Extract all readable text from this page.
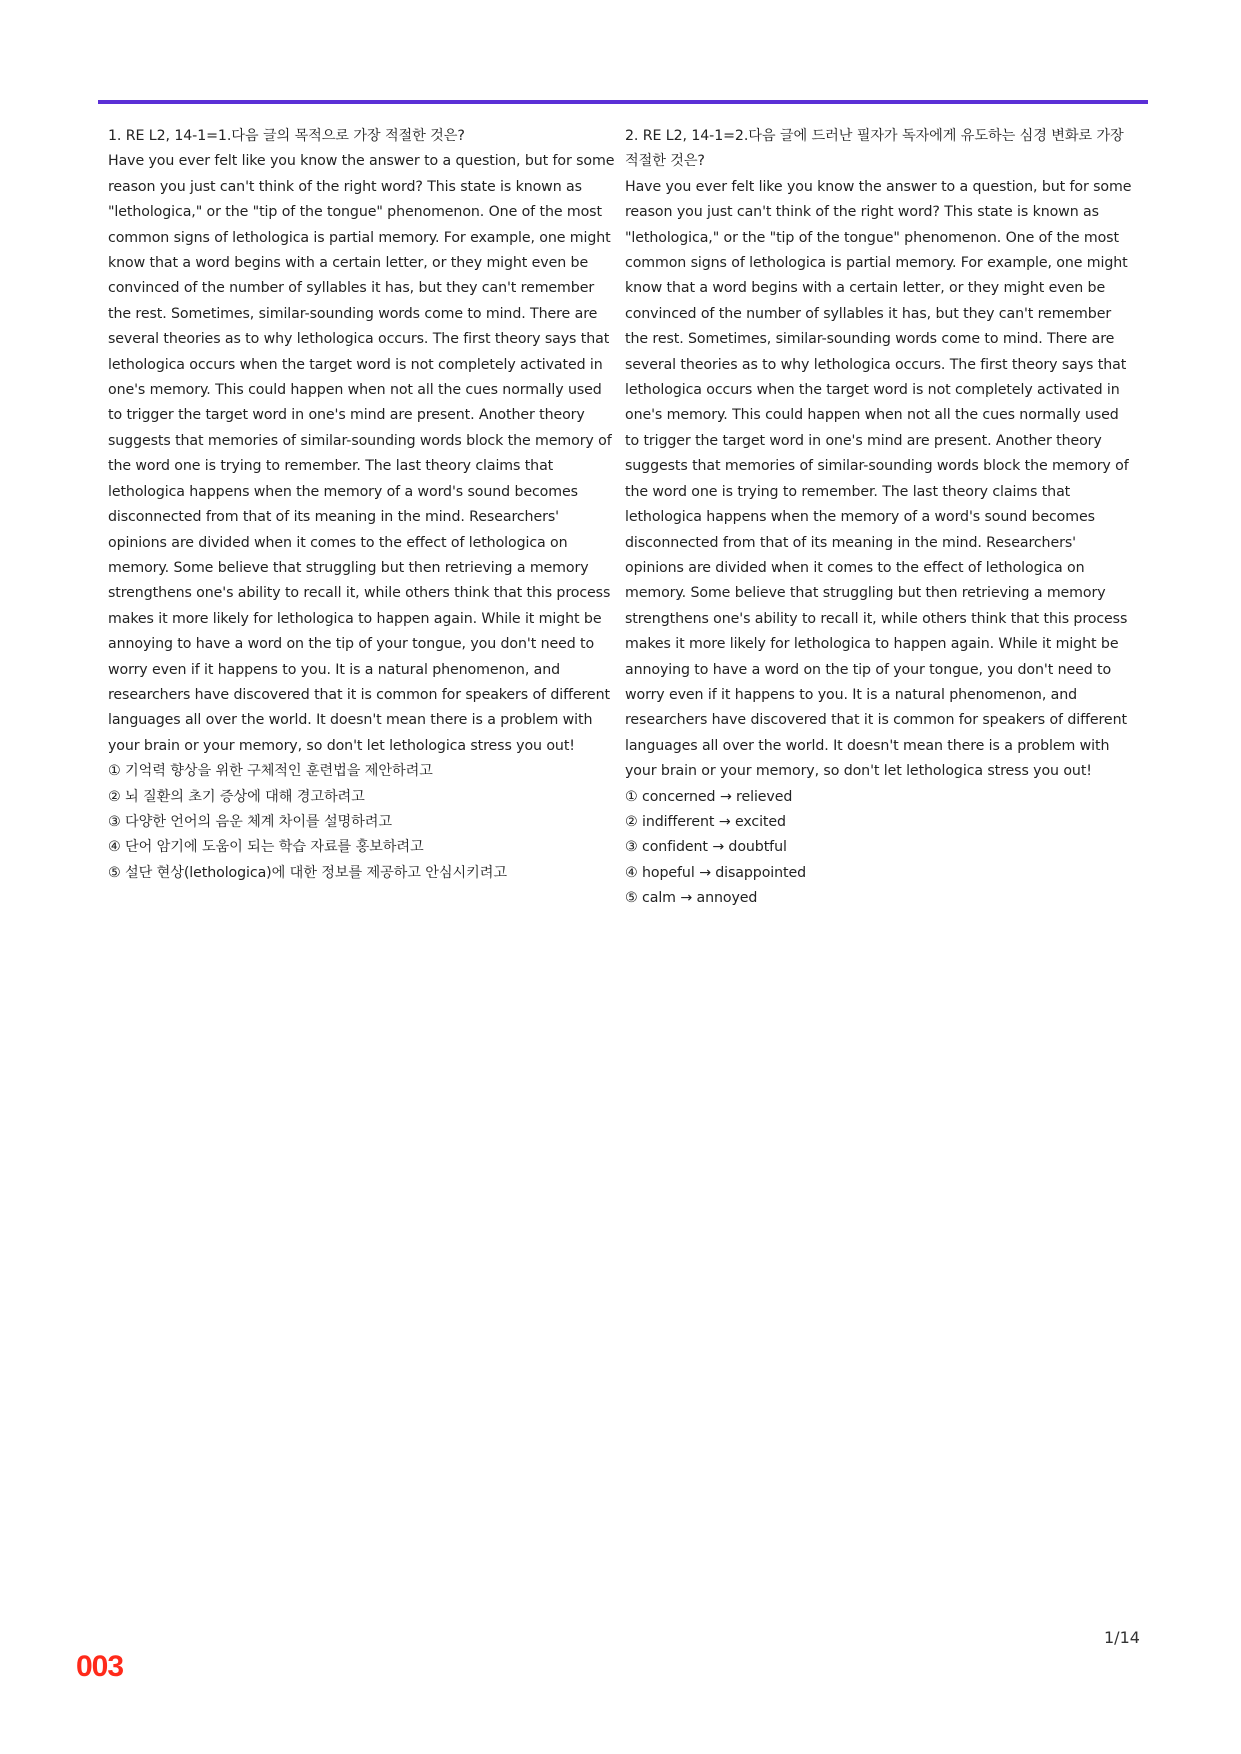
1. RE L2, 14-1=1.다음 글의 목적으로 가장 적절한 것은?

Have you ever felt like you know the answer to a question, but for some reason you just can't think of the right word? This state is known as "lethologica," or the "tip of the tongue" phenomenon. One of the most common signs of lethologica is partial memory. For example, one might know that a word begins with a certain letter, or they might even be convinced of the number of syllables it has, but they can't remember the rest. Sometimes, similar-sounding words come to mind. There are several theories as to why lethologica occurs. The first theory says that lethologica occurs when the target word is not completely activated in one's memory. This could happen when not all the cues normally used to trigger the target word in one's mind are present. Another theory suggests that memories of similar-sounding words block the memory of the word one is trying to remember. The last theory claims that lethologica happens when the memory of a word's sound becomes disconnected from that of its meaning in the mind. Researchers' opinions are divided when it comes to the effect of lethologica on memory. Some believe that struggling but then retrieving a memory strengthens one's ability to recall it, while others think that this process makes it more likely for lethologica to happen again. While it might be annoying to have a word on the tip of your tongue, you don't need to worry even if it happens to you. It is a natural phenomenon, and researchers have discovered that it is common for speakers of different languages all over the world. It doesn't mean there is a problem with your brain or your memory, so don't let lethologica stress you out!

① 기억력 향상을 위한 구체적인 훈련법을 제안하려고

② 뇌 질환의 초기 증상에 대해 경고하려고

③ 다양한 언어의 음운 체계 차이를 설명하려고

④ 단어 암기에 도움이 되는 학습 자료를 홍보하려고

⑤ 설단 현상(lethologica)에 대한 정보를 제공하고 안심시키려고

2. RE L2, 14-1=2.다음 글에 드러난 필자가 독자에게 유도하는 심경 변화로 가장 적절한 것은?

Have you ever felt like you know the answer to a question, but for some reason you just can't think of the right word? This state is known as "lethologica," or the "tip of the tongue" phenomenon. One of the most common signs of lethologica is partial memory. For example, one might know that a word begins with a certain letter, or they might even be convinced of the number of syllables it has, but they can't remember the rest. Sometimes, similar-sounding words come to mind. There are several theories as to why lethologica occurs. The first theory says that lethologica occurs when the target word is not completely activated in one's memory. This could happen when not all the cues normally used to trigger the target word in one's mind are present. Another theory suggests that memories of similar-sounding words block the memory of the word one is trying to remember. The last theory claims that lethologica happens when the memory of a word's sound becomes disconnected from that of its meaning in the mind. Researchers' opinions are divided when it comes to the effect of lethologica on memory. Some believe that struggling but then retrieving a memory strengthens one's ability to recall it, while others think that this process makes it more likely for lethologica to happen again. While it might be annoying to have a word on the tip of your tongue, you don't need to worry even if it happens to you. It is a natural phenomenon, and researchers have discovered that it is common for speakers of different languages all over the world. It doesn't mean there is a problem with your brain or your memory, so don't let lethologica stress you out!

① concerned → relieved

② indifferent → excited

③ confident → doubtful

④ hopeful → disappointed

⑤ calm → annoyed

1/14
003
